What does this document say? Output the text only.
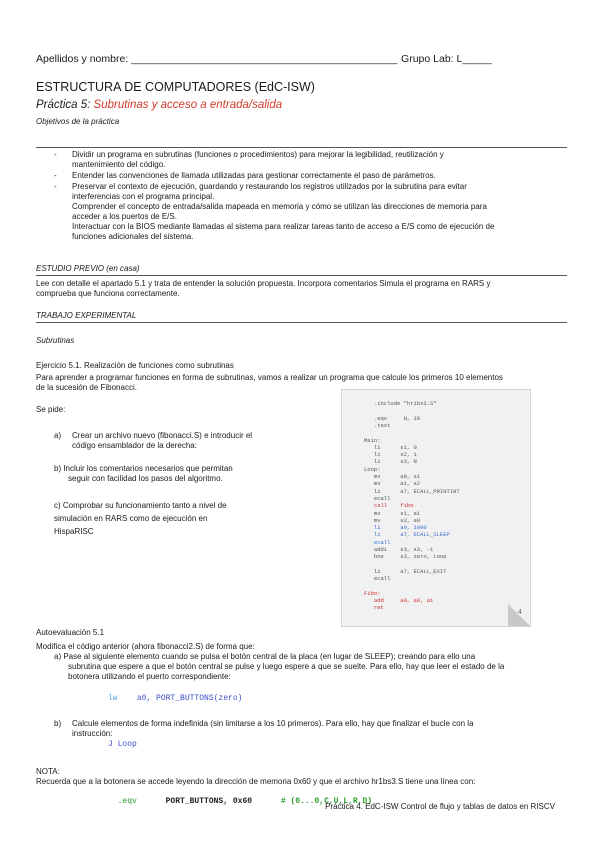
Apellidos y nombre: ________________________________________________ Grupo Lab: L_____
ESTRUCTURA DE COMPUTADORES (EdC-ISW)
Práctica 5: Subrutinas y acceso a entrada/salida
Objetivos de la práctica
- Dividir un programa en subrutinas (funciones o procedimientos) para mejorar la legibilidad, reutilización y
mantenimiento del código.
- Entender las convenciones de llamada utilizadas para gestionar correctamente el paso de parámetros.
- Preservar el contexto de ejecución, guardando y restaurando los registros utilizados por la subrutina para evitar
interferencias con el programa principal.
Comprender el concepto de entrada/salida mapeada en memoria y cómo se utilizan las direcciones de memoria para
acceder a los puertos de E/S.
Interactuar con la BIOS mediante llamadas al sistema para realizar tareas tanto de acceso a E/S como de ejecución de
funciones adicionales del sistema.
ESTUDIO PREVIO (en casa)
Lee con detalle el apartado 5.1 y trata de entender la solución propuesta. Incorpora comentarios Simula el programa en RARS y
comprueba que funciona correctamente.
TRABAJO EXPERIMENTAL
Subrutinas
Ejercicio 5.1. Realización de funciones como subrutinas
Para aprender a programar funciones en forma de subrutinas, vamos a realizar un programa que calcule los primeros 10 elementos
de la sucesión de Fibonacci.
Se pide:
a)	Crear un archivo nuevo (fibonacci.S) e introducir el
código ensamblador de la derecha:
b) Incluir los comentarios necesarios que permitan
seguir con facilidad los pasos del algoritmo.
c) Comprobar su funcionamiento tanto a nivel de
simulación en RARS como de ejecución en
HispaRISC
.include "hr1bs3.S"
.eqv     N, 10
.text
Main:
li      s1, 0
li      s2, 1
li      s3, N
Loop:
mv      a0, s1
mv      a1, s2
li      a7, ECALL_PRINTINT
ecall
call    fibo
mv      s1, a1
mv      s2, a0
li      a0, 1000
li      a7, ECALL_SLEEP
ecall
addi    s3, s3, -1
bne     s3, zero, Loop
li      a7, ECALL_EXIT
ecall
Fibo:
add     a0, a0, a1
ret
4
Autoevaluación 5.1
Modifica el código anterior (ahora fibonacci2.S) de forma que:
a) Pase al siguiente elemento cuando se pulsa el botón central de la placa (en lugar de SLEEP); creando para ello una
subrutina que espere a que el botón central se pulse y luego espere a que se suelte. Para ello, hay que leer el estado de la
botonera utilizando el puerto correspondiente:
lw a0, PORT_BUTTONS(zero)
b) Calcule elementos de forma indefinida (sin limitarse a los 10 primeros). Para ello, hay que finalizar el bucle con la
instrucción:
J Loop
NOTA:
Recuerda que a la botonera se accede leyendo la dirección de memoria 0x60 y que el archivo hr1bs3.S tiene una línea con:

.eqv	PORT_BUTTONS, 0x60	# (0...0,C,U,L,R,D)

Práctica 4. EdC-ISW Control de flujo y tablas de datos en RISCV
